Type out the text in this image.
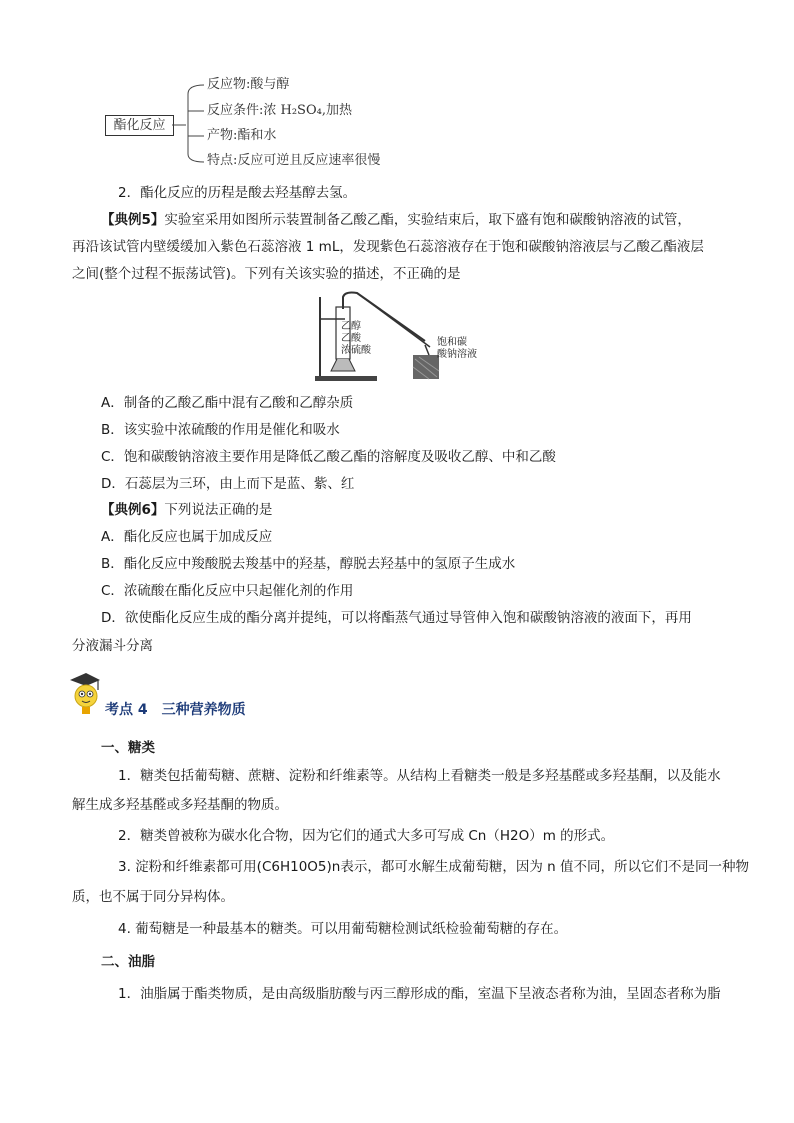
酯化反应
反应物:酸与醇
反应条件:浓 H₂SO₄,加热
产物:酯和水
特点:反应可逆且反应速率很慢
2．酯化反应的历程是酸去羟基醇去氢。
【典例5】实验室采用如图所示装置制备乙酸乙酯，实验结束后，取下盛有饱和碳酸钠溶液的试管，
再沿该试管内壁缓缓加入紫色石蕊溶液 1 mL，发现紫色石蕊溶液存在于饱和碳酸钠溶液层与乙酸乙酯液层
之间(整个过程不振荡试管)。下列有关该实验的描述，不正确的是
乙醇
乙酸
浓硫酸
饱和碳
酸钠溶液
A．制备的乙酸乙酯中混有乙酸和乙醇杂质
B．该实验中浓硫酸的作用是催化和吸水
C．饱和碳酸钠溶液主要作用是降低乙酸乙酯的溶解度及吸收乙醇、中和乙酸
D．石蕊层为三环，由上而下是蓝、紫、红
【典例6】下列说法正确的是
A．酯化反应也属于加成反应
B．酯化反应中羧酸脱去羧基中的羟基，醇脱去羟基中的氢原子生成水
C．浓硫酸在酯化反应中只起催化剂的作用
D．欲使酯化反应生成的酯分离并提纯，可以将酯蒸气通过导管伸入饱和碳酸钠溶液的液面下，再用
分液漏斗分离
考点 4 三种营养物质
一、糖类
1．糖类包括葡萄糖、蔗糖、淀粉和纤维素等。从结构上看糖类一般是多羟基醛或多羟基酮，以及能水
解生成多羟基醛或多羟基酮的物质。
2．糖类曾被称为碳水化合物，因为它们的通式大多可写成 Cn（H2O）m 的形式。
3. 淀粉和纤维素都可用(C6H10O5)n表示，都可水解生成葡萄糖，因为 n 值不同，所以它们不是同一种物
质，也不属于同分异构体。
4. 葡萄糖是一种最基本的糖类。可以用葡萄糖检测试纸检验葡萄糖的存在。
二、油脂
1．油脂属于酯类物质，是由高级脂肪酸与丙三醇形成的酯，室温下呈液态者称为油，呈固态者称为脂
